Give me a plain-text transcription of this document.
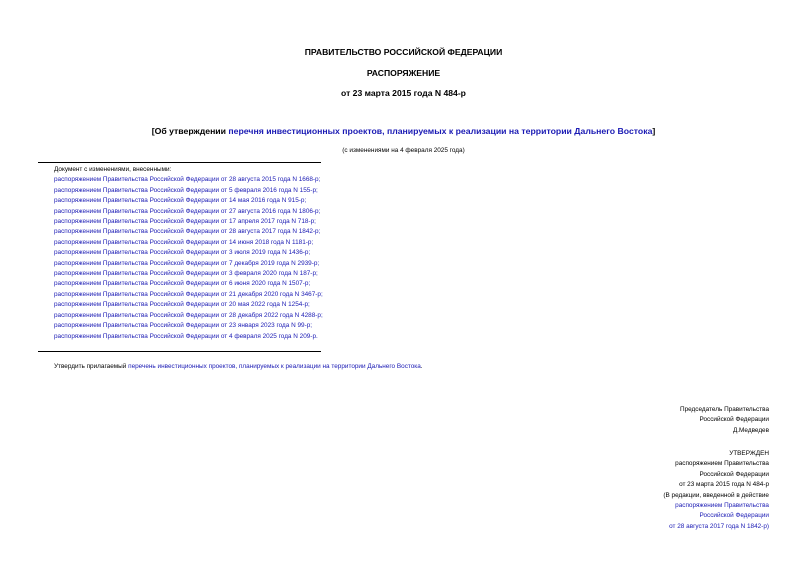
ПРАВИТЕЛЬСТВО РОССИЙСКОЙ ФЕДЕРАЦИИ
РАСПОРЯЖЕНИЕ
от 23 марта 2015 года N 484-р
[Об утверждении перечня инвестиционных проектов, планируемых к реализации на территории Дальнего Востока]
(с изменениями на 4 февраля 2025 года)
Документ с изменениями, внесенными:
распоряжением Правительства Российской Федерации от 28 августа 2015 года N 1668-р;
распоряжением Правительства Российской Федерации от 5 февраля 2016 года N 155-р;
распоряжением Правительства Российской Федерации от 14 мая 2016 года N 915-р;
распоряжением Правительства Российской Федерации от 27 августа 2016 года N 1806-р;
распоряжением Правительства Российской Федерации от 17 апреля 2017 года N 718-р;
распоряжением Правительства Российской Федерации от 28 августа 2017 года N 1842-р;
распоряжением Правительства Российской Федерации от 14 июня 2018 года N 1181-р;
распоряжением Правительства Российской Федерации от 3 июля 2019 года N 1436-р;
распоряжением Правительства Российской Федерации от 7 декабря 2019 года N 2939-р;
распоряжением Правительства Российской Федерации от 3 февраля 2020 года N 187-р;
распоряжением Правительства Российской Федерации от 6 июня 2020 года N 1507-р;
распоряжением Правительства Российской Федерации от 21 декабря 2020 года N 3467-р;
распоряжением Правительства Российской Федерации от 20 мая 2022 года N 1254-р;
распоряжением Правительства Российской Федерации от 28 декабря 2022 года N 4288-р;
распоряжением Правительства Российской Федерации от 23 января 2023 года N 99-р;
распоряжением Правительства Российской Федерации от 4 февраля 2025 года N 209-р.
Утвердить прилагаемый перечень инвестиционных проектов, планируемых к реализации на территории Дальнего Востока.
Председатель Правительства
Российской Федерации
Д.Медведев
УТВЕРЖДЕН
распоряжением Правительства
Российской Федерации
от 23 марта 2015 года N 484-р
(В редакции, введенной в действие
распоряжением Правительства
Российской Федерации
от 28 августа 2017 года N 1842-р)
